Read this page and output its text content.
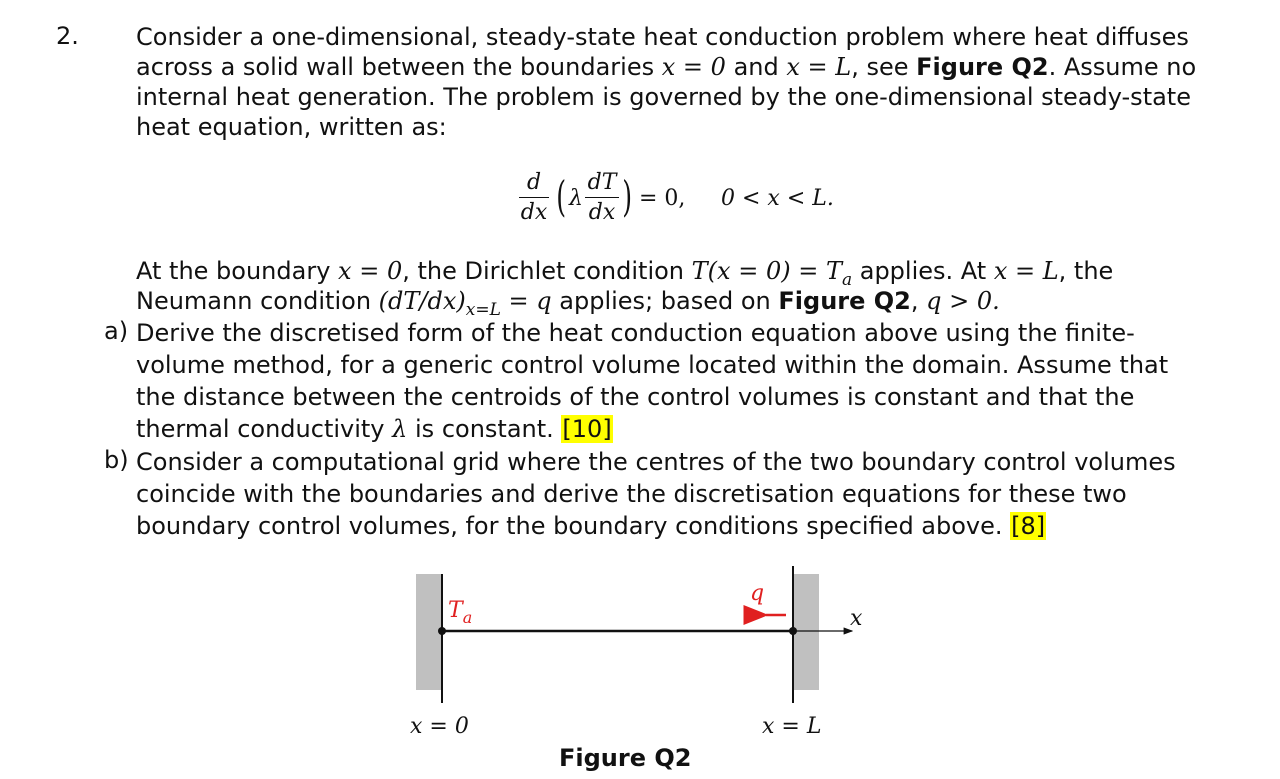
2. Consider a one-dimensional, steady-state heat conduction problem where heat diffuses
across a solid wall between the boundaries x = 0 and x = L, see Figure Q2. Assume no
internal heat generation. The problem is governed by the one-dimensional steady-state
heat equation, written as:
d
dx ( λ
dT
dx ) = 0, 0 < x < L.
At the boundary x = 0, the Dirichlet condition $T(x = 0) = T_a$ applies. At x = L, the
Neumann condition $(dT/dx)_{x=L} = q$ applies; based on Figure Q2, q > 0.
a) Derive the discretised form of the heat conduction equation above using the finite-
volume method, for a generic control volume located within the domain. Assume that
the distance between the centroids of the control volumes is constant and that the
thermal conductivity λ is constant. [10]
b) Consider a computational grid where the centres of the two boundary control volumes
coincide with the boundaries and derive the discretisation equations for these two
boundary control volumes, for the boundary conditions specified above. [8]
$T_a$
q
x
x = 0	x = L
Figure Q2
